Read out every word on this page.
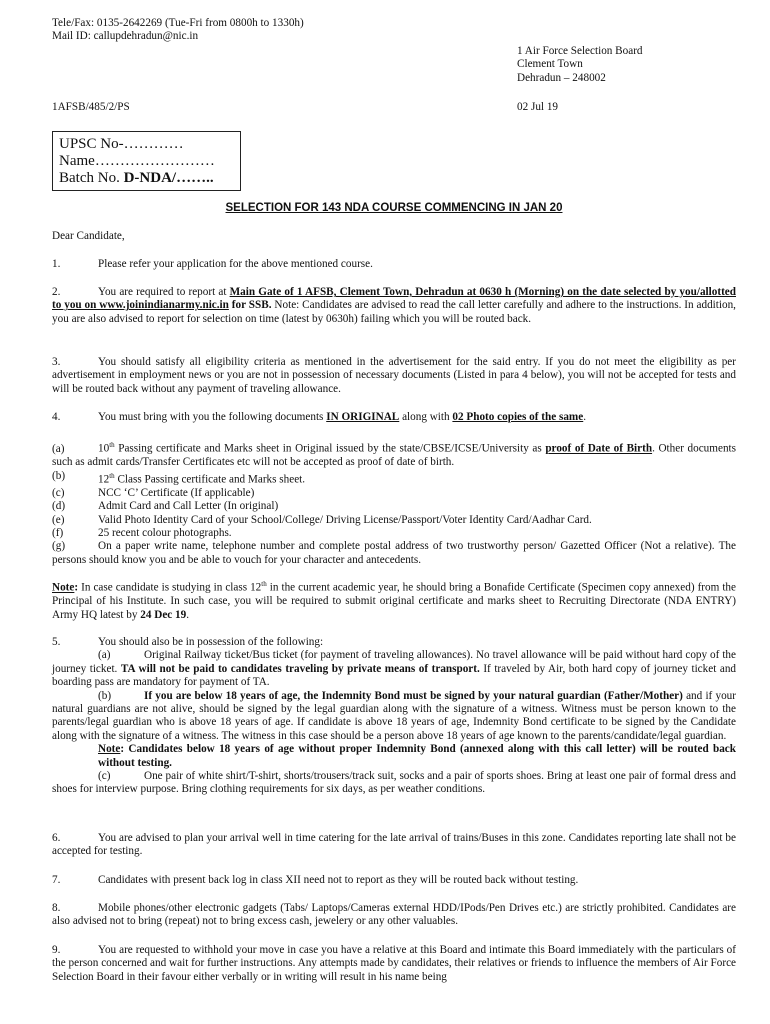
Tele/Fax: 0135-2642269 (Tue-Fri from 0800h to 1330h)
Mail ID: callupdehradun@nic.in
1 Air Force Selection Board
Clement Town
Dehradun – 248002
1AFSB/485/2/PS	02 Jul 19
UPSC No-…………
Name……………………
Batch No. D-NDA/……..
SELECTION FOR 143 NDA COURSE COMMENCING IN JAN 20
Dear Candidate,
1.	Please refer your application for the above mentioned course.

2.	You are required to report at Main Gate of 1 AFSB, Clement Town, Dehradun at 0630 h (Morning) on the date selected by you/allotted to you on www.joinindianarmy.nic.in for SSB. Note: Candidates are advised to read the call letter carefully and adhere to the instructions. In addition, you are also advised to report for selection on time (latest by 0630h) failing which you will be routed back.

3.	You should satisfy all eligibility criteria as mentioned in the advertisement for the said entry. If you do not meet the eligibility as per advertisement in employment news or you are not in possession of necessary documents (Listed in para 4 below), you will not be accepted for tests and will be routed back without any payment of traveling allowance.

4.	You must bring with you the following documents IN ORIGINAL along with 02 Photo copies of the same.

(a)	10th Passing certificate and Marks sheet in Original issued by the state/CBSE/ICSE/University as proof of Date of Birth. Other documents such as admit cards/Transfer Certificates etc will not be accepted as proof of date of birth.

(b)	12th Class Passing certificate and Marks sheet.
(c)	NCC ‘C’ Certificate (If applicable)
(d)	Admit Card and Call Letter (In original)
(e)	Valid Photo Identity Card of your School/College/ Driving License/Passport/Voter Identity Card/Aadhar Card.
(f)	25 recent colour photographs.

(g)	On a paper write name, telephone number and complete postal address of two trustworthy person/ Gazetted Officer (Not a relative). The persons should know you and be able to vouch for your character and antecedents.

Note: In case candidate is studying in class 12th in the current academic year, he should bring a Bonafide Certificate (Specimen copy annexed) from the Principal of his Institute. In such case, you will be required to submit original certificate and marks sheet to Recruiting Directorate (NDA ENTRY) Army HQ latest by 24 Dec 19.

5.	You should also be in possession of the following:

(a)	Original Railway ticket/Bus ticket (for payment of traveling allowances). No travel allowance will be paid without hard copy of the journey ticket. TA will not be paid to candidates traveling by private means of transport. If traveled by Air, both hard copy of journey ticket and boarding pass are mandatory for payment of TA.

(b)	If you are below 18 years of age, the Indemnity Bond must be signed by your natural guardian (Father/Mother) and if your natural guardians are not alive, should be signed by the legal guardian along with the signature of a witness. Witness must be person known to the parents/legal guardian who is above 18 years of age. If candidate is above 18 years of age, Indemnity Bond certificate to be signed by the Candidate along with the signature of a witness. The witness in this case should be a person above 18 years of age known to the parents/candidate/legal guardian.

Note: Candidates below 18 years of age without proper Indemnity Bond (annexed along with this call letter) will be routed back without testing.

(c)	One pair of white shirt/T-shirt, shorts/trousers/track suit, socks and a pair of sports shoes. Bring at least one pair of formal dress and shoes for interview purpose. Bring clothing requirements for six days, as per weather conditions.

6.	You are advised to plan your arrival well in time catering for the late arrival of trains/Buses in this zone. Candidates reporting late shall not be accepted for testing.

7.	Candidates with present back log in class XII need not to report as they will be routed back without testing.

8.	Mobile phones/other electronic gadgets (Tabs/ Laptops/Cameras external HDD/IPods/Pen Drives etc.) are strictly prohibited. Candidates are also advised not to bring (repeat) not to bring excess cash, jewelery or any other valuables.

9.	You are requested to withhold your move in case you have a relative at this Board and intimate this Board immediately with the particulars of the person concerned and wait for further instructions. Any attempts made by candidates, their relatives or friends to influence the members of Air Force Selection Board in their favour either verbally or in writing will result in his name being
